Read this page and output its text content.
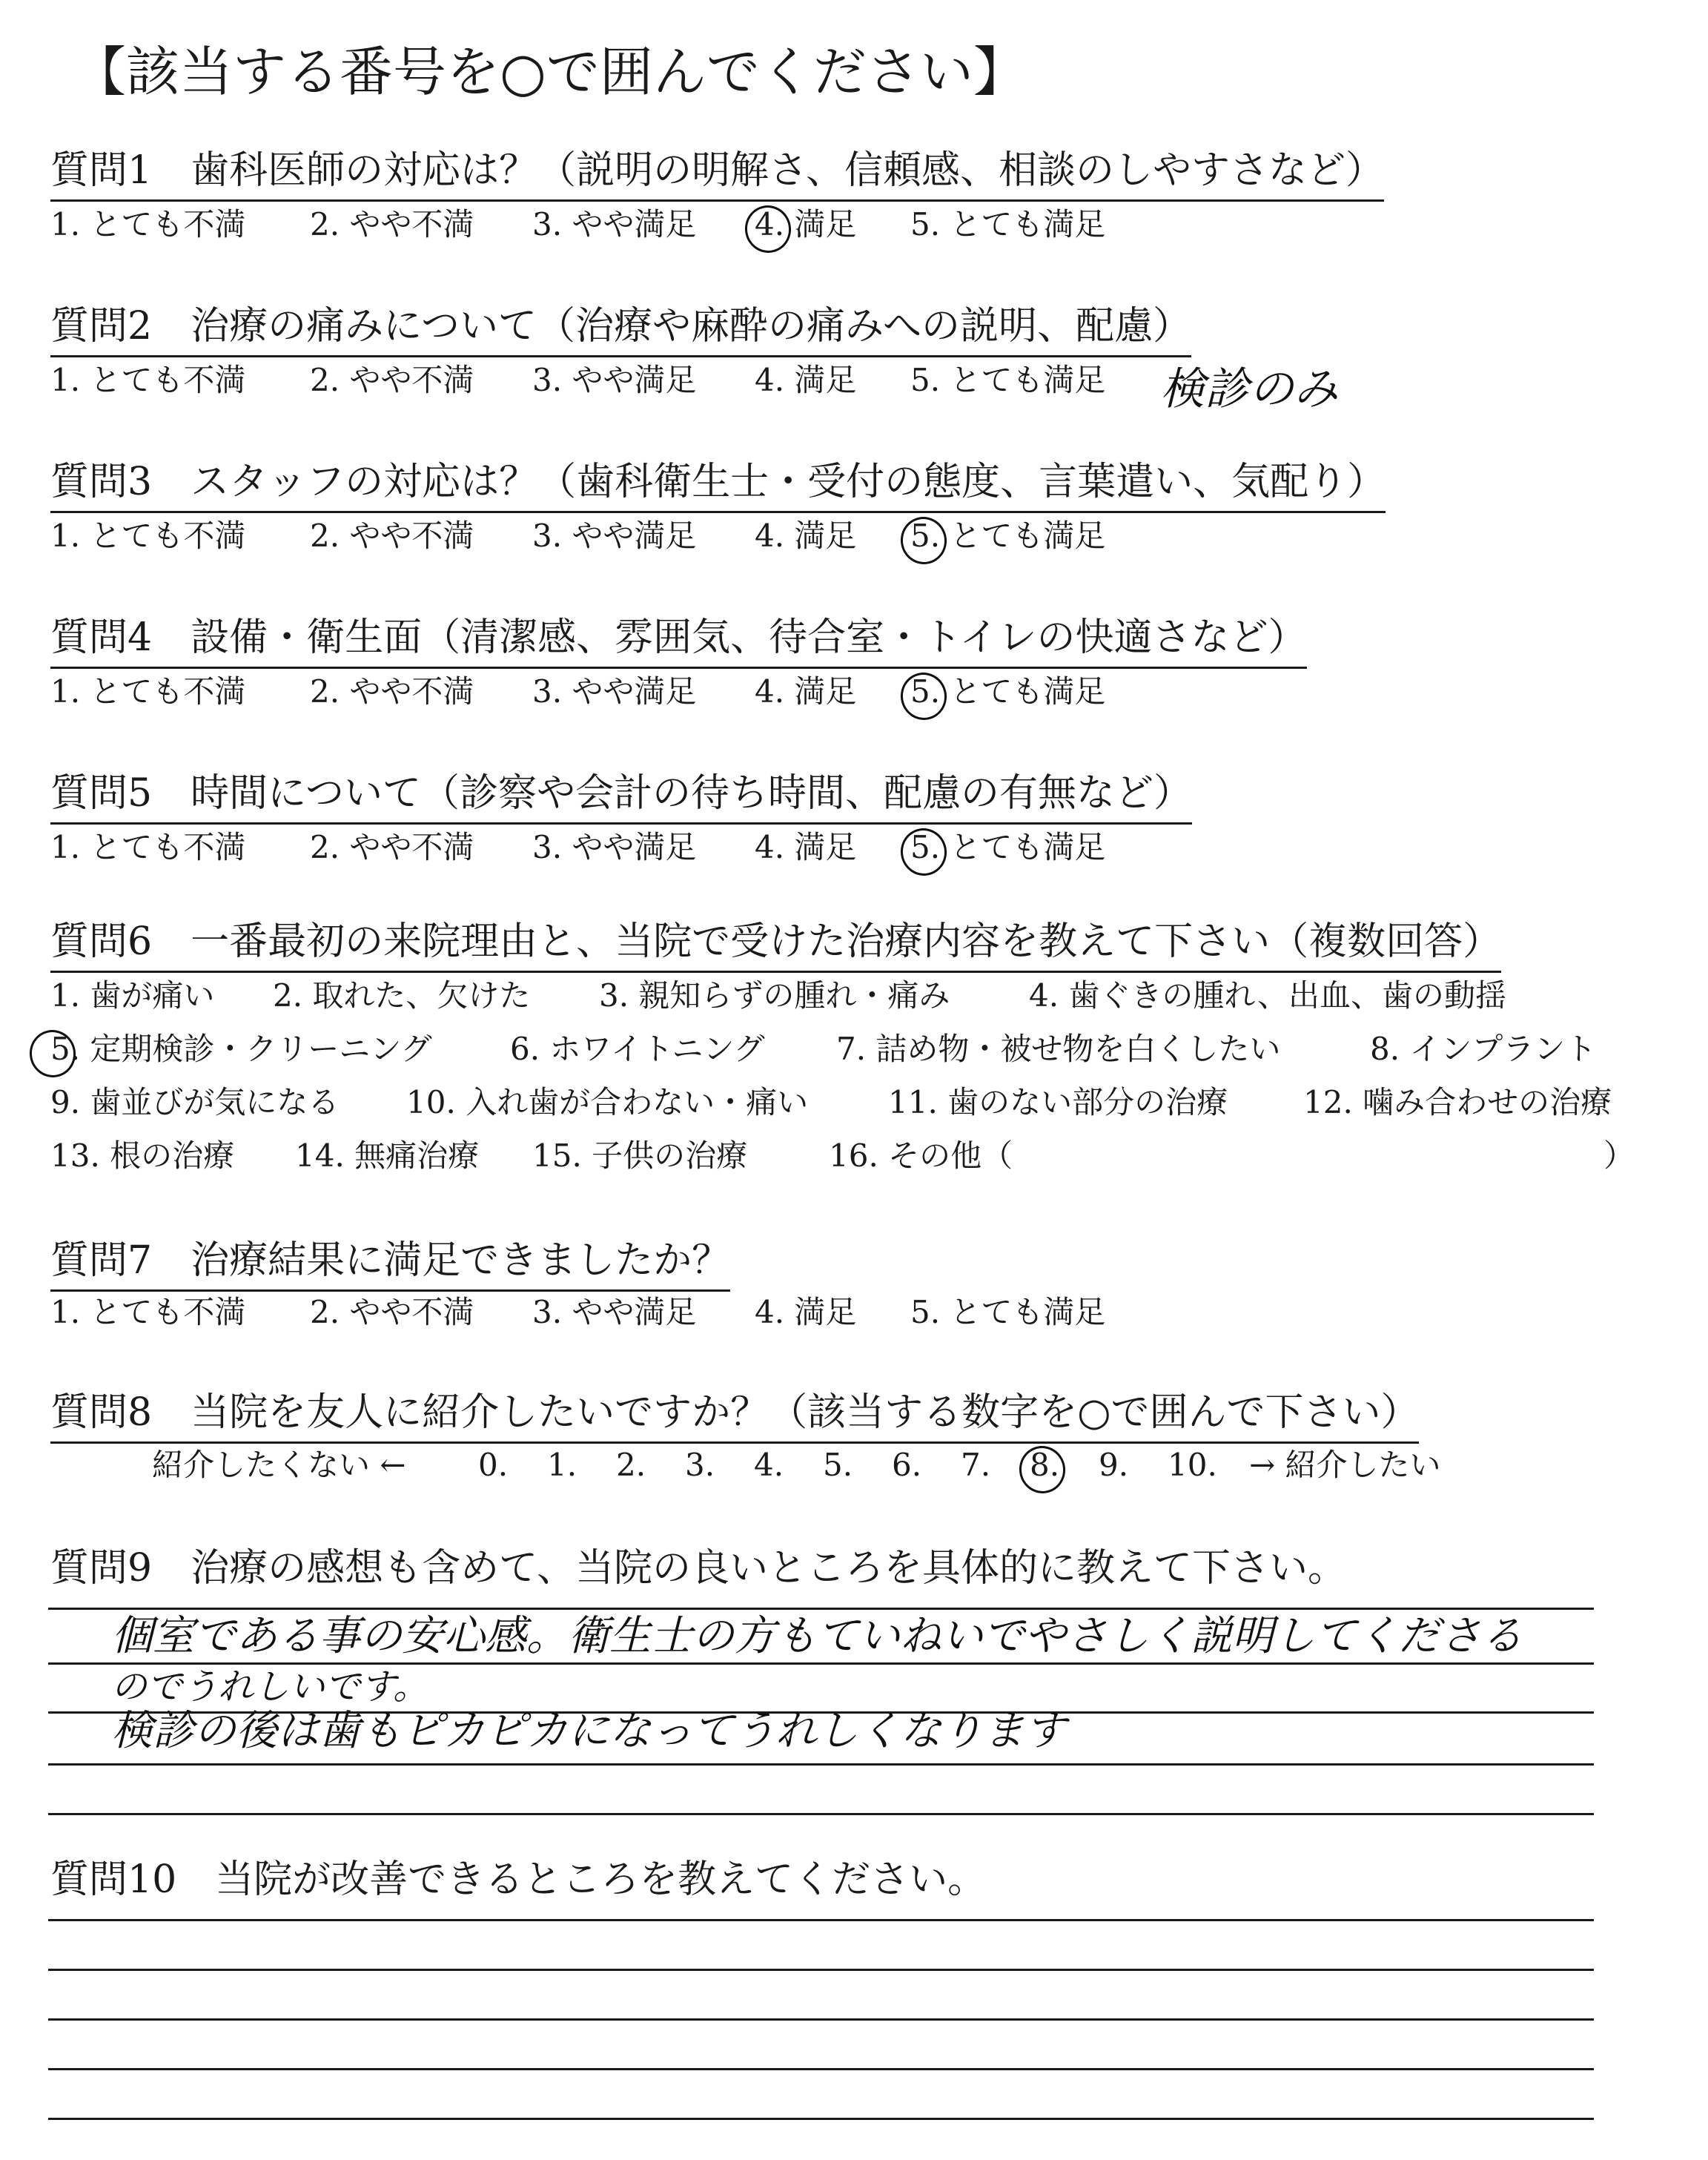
【該当する番号を○で囲んでください】
質問1　歯科医師の対応は？（説明の明解さ、信頼感、相談のしやすさなど）
1. とても不満 2. やや不満 3. やや満足 4. 満足 5. とても満足
質問2　治療の痛みについて（治療や麻酔の痛みへの説明、配慮）
1. とても不満 2. やや不満 3. やや満足 4. 満足 5. とても満足 検診のみ
質問3　スタッフの対応は？（歯科衛生士・受付の態度、言葉遣い、気配り）
1. とても不満 2. やや不満 3. やや満足 4. 満足 5. とても満足
質問4　設備・衛生面（清潔感、雰囲気、待合室・トイレの快適さなど）
1. とても不満 2. やや不満 3. やや満足 4. 満足 5. とても満足
質問5　時間について（診察や会計の待ち時間、配慮の有無など）
1. とても不満 2. やや不満 3. やや満足 4. 満足 5. とても満足
質問6　一番最初の来院理由と、当院で受けた治療内容を教えて下さい（複数回答）
1. 歯が痛い 2. 取れた、欠けた 3. 親知らずの腫れ・痛み	4. 歯ぐきの腫れ、出血、歯の動揺
5. 定期検診・クリーニング	6. ホワイトニング 7. 詰め物・被せ物を白くしたい	8. インプラント
9. 歯並びが気になる 10. 入れ歯が合わない・痛い	11. 歯のない部分の治療 12. 噛み合わせの治療
13. 根の治療 14. 無痛治療 15. 子供の治療	16. その他（	）
質問7　治療結果に満足できましたか？
1. とても不満 2. やや不満 3. やや満足 4. 満足 5. とても満足
質問8　当院を友人に紹介したいですか？（該当する数字を○で囲んで下さい）
紹介したくない ← 0. 1. 2. 3. 4. 5. 6. 7. 8. 9. 10. → 紹介したい
質問9　治療の感想も含めて、当院の良いところを具体的に教えて下さい。
個室である事の安心感。衛生士の方もていねいでやさしく説明してくださる
のでうれしいです。
検診の後は歯もピカピカになってうれしくなります
質問10　当院が改善できるところを教えてください。
